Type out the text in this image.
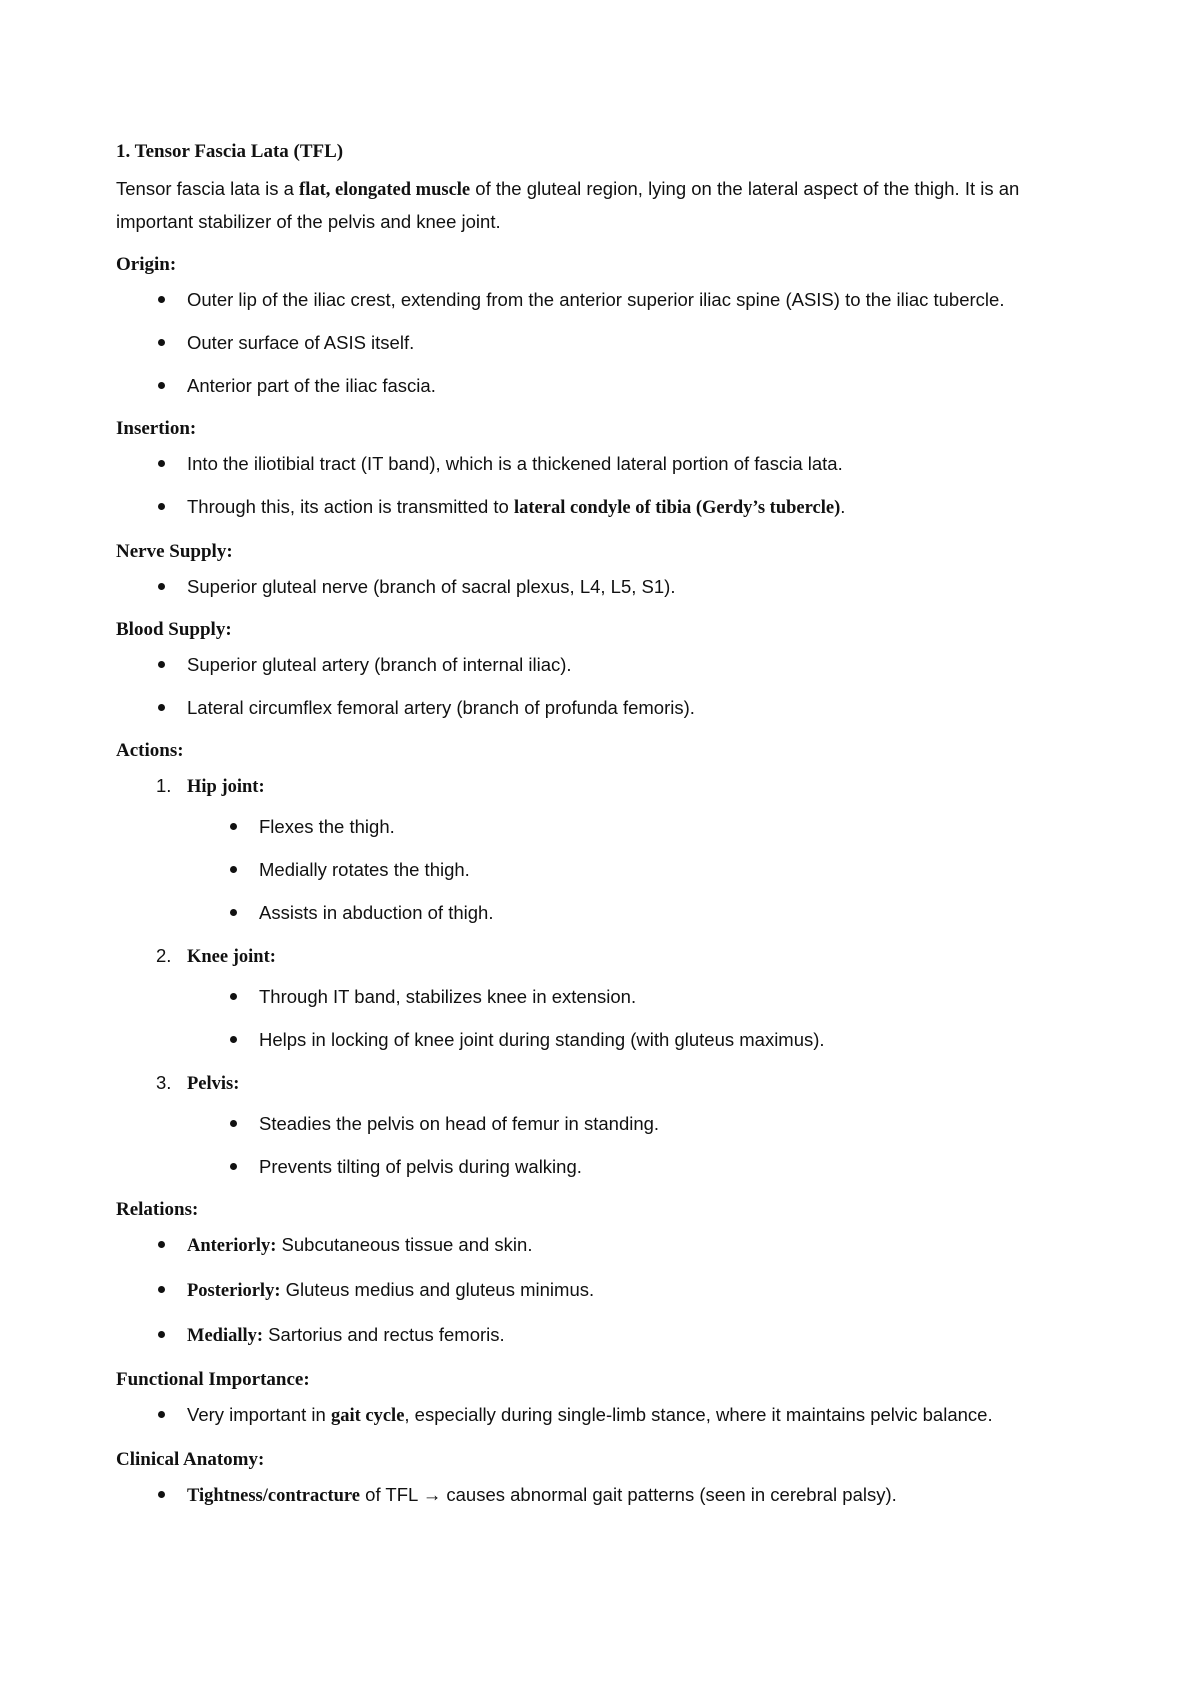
1. Tensor Fascia Lata (TFL)

Tensor fascia lata is a flat, elongated muscle of the gluteal region, lying on the lateral aspect of the thigh. It is an important stabilizer of the pelvis and knee joint.

Origin:
Outer lip of the iliac crest, extending from the anterior superior iliac spine (ASIS) to the iliac tubercle.
Outer surface of ASIS itself.
Anterior part of the iliac fascia.
Insertion:
Into the iliotibial tract (IT band), which is a thickened lateral portion of fascia lata.
Through this, its action is transmitted to lateral condyle of tibia (Gerdy’s tubercle).
Nerve Supply:
Superior gluteal nerve (branch of sacral plexus, L4, L5, S1).
Blood Supply:
Superior gluteal artery (branch of internal iliac).
Lateral circumflex femoral artery (branch of profunda femoris).
Actions:
1. Hip joint:
Flexes the thigh.
Medially rotates the thigh.
Assists in abduction of thigh.
2. Knee joint:
Through IT band, stabilizes knee in extension.
Helps in locking of knee joint during standing (with gluteus maximus).
3. Pelvis:
Steadies the pelvis on head of femur in standing.
Prevents tilting of pelvis during walking.
Relations:
Anteriorly: Subcutaneous tissue and skin.
Posteriorly: Gluteus medius and gluteus minimus.
Medially: Sartorius and rectus femoris.
Functional Importance:
Very important in gait cycle, especially during single-limb stance, where it maintains pelvic balance.
Clinical Anatomy:
Tightness/contracture of TFL → causes abnormal gait patterns (seen in cerebral palsy).
